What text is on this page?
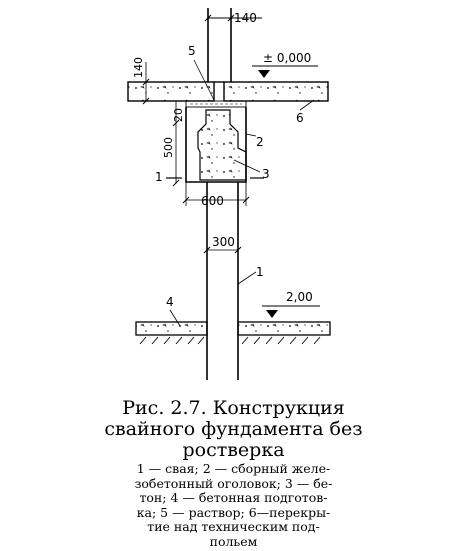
140
± 0,000
5
140
6
20
500	2
3
1
600
300
1
2,00
4
Рис. 2.7. Конструкция
свайного фундамента без
ростверка
1 — свая; 2 — сборный желе-
зобетонный оголовок; 3 — бе-
тон; 4 — бетонная подготов-
ка; 5 — раствор; 6—перекры-
тие над техническим под-
польем
